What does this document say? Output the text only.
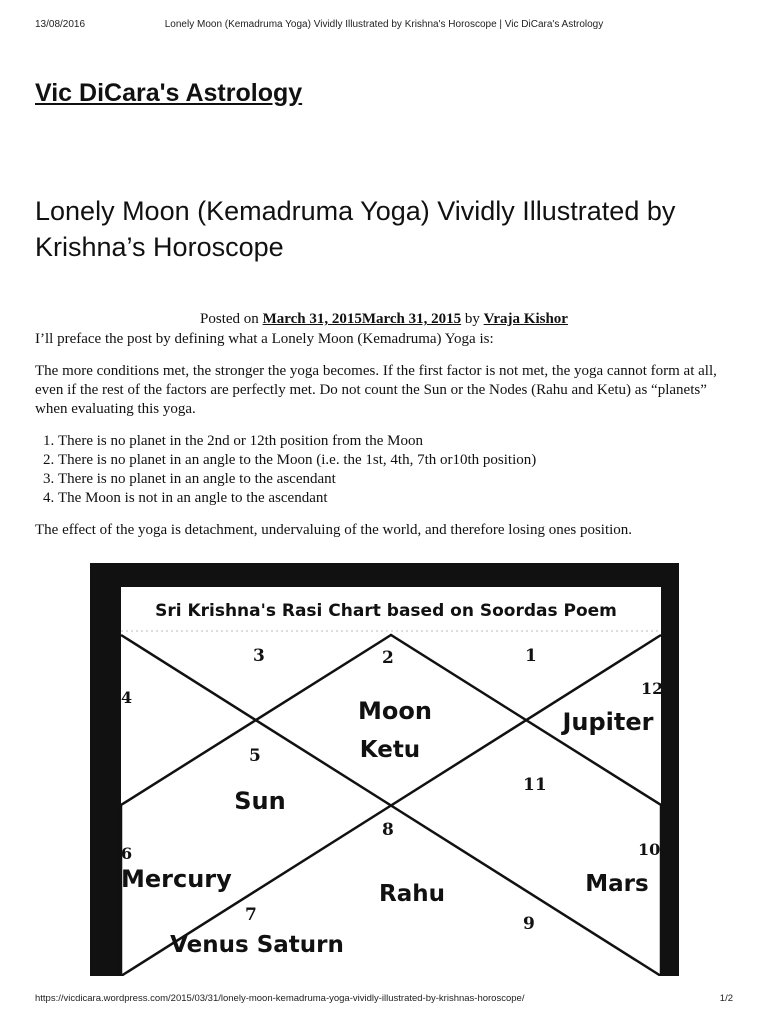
13/08/2016	Lonely Moon (Kemadruma Yoga) Vividly Illustrated by Krishna's Horoscope | Vic DiCara's Astrology
Vic DiCara's Astrology
Lonely Moon (Kemadruma Yoga) Vividly Illustrated by Krishna’s Horoscope
Posted on March 31, 2015March 31, 2015 by Vraja Kishor

I’ll preface the post by defining what a Lonely Moon (Kemadruma) Yoga is:

The more conditions met, the stronger the yoga becomes. If the first factor is not met, the yoga cannot form at all, even if the rest of the factors are perfectly met. Do not count the Sun or the Nodes (Rahu and Ketu) as “planets” when evaluating this yoga.

1. There is no planet in the 2nd or 12th position from the Moon
2. There is no planet in an angle to the Moon (i.e. the 1st, 4th, 7th or10th position)
3. There is no planet in an angle to the ascendant
4. The Moon is not in an angle to the ascendant

The effect of the yoga is detachment, undervaluing of the world, and therefore losing ones position.

Sri Krishna's Rasi Chart based on Soordas Poem
3	2	1
4	12
Moon
Ketu
Jupiter
5
11
Sun
8
6	10
Mercury	Mars
Rahu
7	9
Venus Saturn
https://vicdicara.wordpress.com/2015/03/31/lonely-moon-kemadruma-yoga-vividly-illustrated-by-krishnas-horoscope/	1/2
